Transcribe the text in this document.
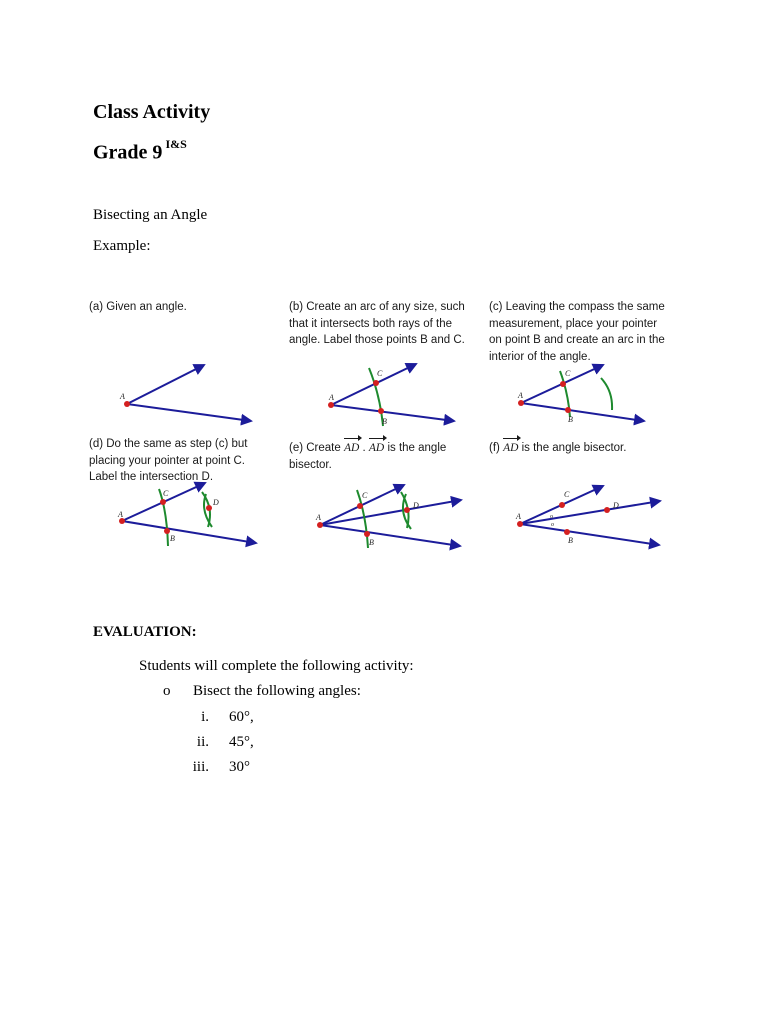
Class Activity
Grade 9 $^{I\&S}$
Bisecting an Angle
Example:
(a) Given an angle.	(b) Create an arc of any size, such
that it intersects both rays of the
angle. Label those points B and C.
(c) Leaving the compass the same
measurement, place your pointer
on point B and create an arc in the
interior of the angle.
(d) Do the same as step (c) but
placing your pointer at point C.
Label the intersection D.
(e) Create AD . AD is the angle
bisector.
(f) AD is the angle bisector.
A	A
C
B
A
C
B
A
C
B
D
A
C
B
D
A
C
B
D
o
o
EVALUATION:
Students will complete the following activity:
o Bisect the following angles:
i. 60°,
ii. 45°,
iii. 30°
